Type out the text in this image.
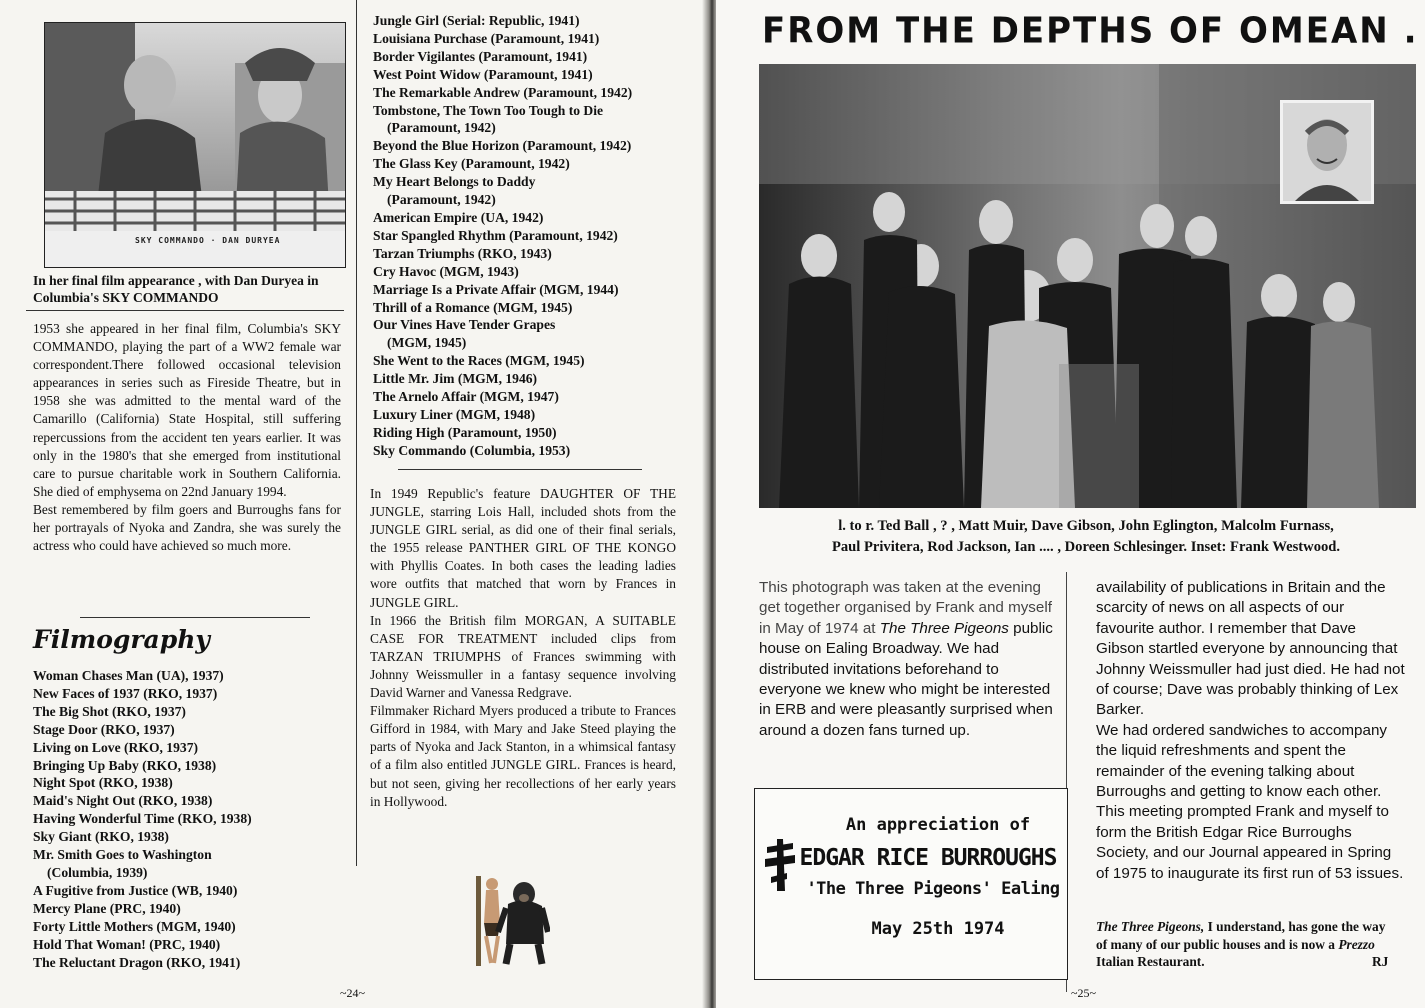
SKY COMMANDO · DAN DURYEA
In her final film appearance , with Dan Duryea in Columbia's SKY COMMANDO

1953 she appeared in her final film, Columbia's SKY COMMANDO, playing the part of a WW2 female war correspondent.There followed occasional television appearances in series such as Fireside Theatre, but in 1958 she was admitted to the mental ward of the Camarillo (California) State Hospital, still suffering repercussions from the accident ten years earlier. It was only in the 1980's that she emerged from institutional care to pursue charitable work in Southern California. She died of emphysema on 22nd January 1994.

Best remembered by film goers and Burroughs fans for her portrayals of Nyoka and Zandra, she was surely the actress who could have achieved so much more.

Filmography
Woman Chases Man (UA), 1937)
New Faces of 1937 (RKO, 1937)
The Big Shot (RKO, 1937)
Stage Door (RKO, 1937)
Living on Love (RKO, 1937)
Bringing Up Baby (RKO, 1938)
Night Spot (RKO, 1938)
Maid's Night Out (RKO, 1938)
Having Wonderful Time (RKO, 1938)
Sky Giant (RKO, 1938)
Mr. Smith Goes to Washington
(Columbia, 1939)
A Fugitive from Justice (WB, 1940)
Mercy Plane (PRC, 1940)
Forty Little Mothers (MGM, 1940)
Hold That Woman! (PRC, 1940)
The Reluctant Dragon (RKO, 1941)
Jungle Girl (Serial: Republic, 1941)
Louisiana Purchase (Paramount, 1941)
Border Vigilantes (Paramount, 1941)
West Point Widow (Paramount, 1941)
The Remarkable Andrew (Paramount, 1942)
Tombstone, The Town Too Tough to Die
(Paramount, 1942)
Beyond the Blue Horizon (Paramount, 1942)
The Glass Key (Paramount, 1942)
My Heart Belongs to Daddy
(Paramount, 1942)
American Empire (UA, 1942)
Star Spangled Rhythm (Paramount, 1942)
Tarzan Triumphs (RKO, 1943)
Cry Havoc (MGM, 1943)
Marriage Is a Private Affair (MGM, 1944)
Thrill of a Romance (MGM, 1945)
Our Vines Have Tender Grapes
(MGM, 1945)
She Went to the Races (MGM, 1945)
Little Mr. Jim (MGM, 1946)
The Arnelo Affair (MGM, 1947)
Luxury Liner (MGM, 1948)
Riding High (Paramount, 1950)
Sky Commando (Columbia, 1953)

In 1949 Republic's feature DAUGHTER OF THE JUNGLE, starring Lois Hall, included shots from the JUNGLE GIRL serial, as did one of their final serials, the 1955 release PANTHER GIRL OF THE KONGO with Phyllis Coates. In both cases the leading ladies wore outfits that matched that worn by Frances in JUNGLE GIRL.

In 1966 the British film MORGAN, A SUITABLE CASE FOR TREATMENT included clips from TARZAN TRIUMPHS of Frances swimming with Johnny Weissmuller in a fantasy sequence involving David Warner and Vanessa Redgrave.

Filmmaker Richard Myers produced a tribute to Frances Gifford in 1984, with Mary and Jake Steed playing the parts of Nyoka and Jack Stanton, in a whimsical fantasy of a film also entitled JUNGLE GIRL. Frances is heard, but not seen, giving her recollections of her early years in Hollywood.

~24~
FROM THE DEPTHS OF OMEAN .
l. to r. Ted Ball , ? , Matt Muir, Dave Gibson, John Eglington, Malcolm Furnass,
Paul Privitera, Rod Jackson, Ian .... , Doreen Schlesinger. Inset: Frank Westwood.

This photograph was taken at the evening get together organised by Frank and myself in May of 1974 at The Three Pigeons public house on Ealing Broadway. We had distributed invitations beforehand to everyone we knew who might be interested in ERB and were pleasantly surprised when around a dozen fans turned up.

An appreciation of
EDGAR RICE BURROUGHS
'The Three Pigeons' Ealing
May 25th 1974

availability of publications in Britain and the scarcity of news on all aspects of our favourite author. I remember that Dave Gibson startled everyone by announcing that Johnny Weissmuller had just died. He had not of course; Dave was probably thinking of Lex Barker.

We had ordered sandwiches to accompany the liquid refreshments and spent the remainder of the evening talking about Burroughs and getting to know each other. This meeting prompted Frank and myself to form the British Edgar Rice Burroughs Society, and our Journal appeared in Spring of 1975 to inaugurate its first run of 53 issues.

The Three Pigeons, I understand, has gone the way of many of our public houses and is now a Prezzo Italian Restaurant.	RJ
~25~
